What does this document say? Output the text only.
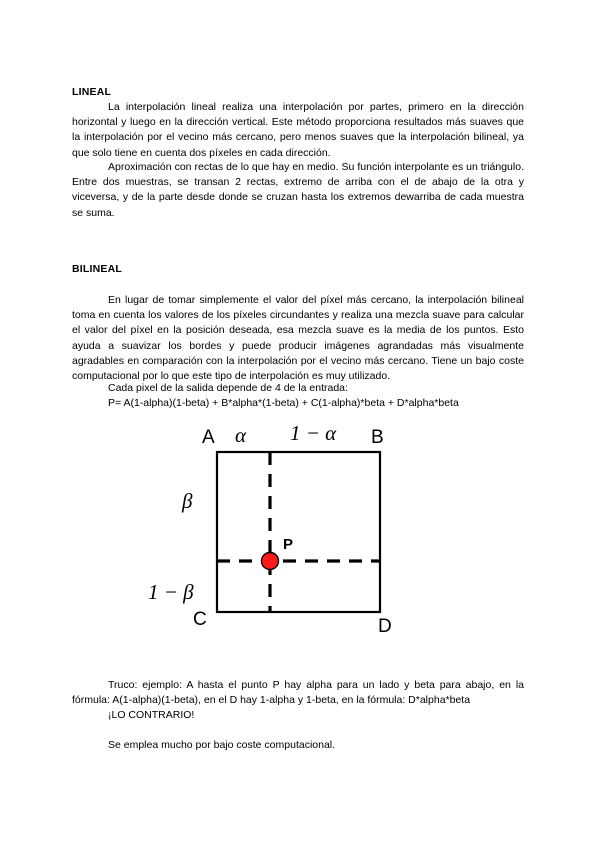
LINEAL
La interpolación lineal realiza una interpolación por partes, primero en la dirección horizontal y luego en la dirección vertical. Este método proporciona resultados más suaves que la interpolación por el vecino más cercano, pero menos suaves que la interpolación bilineal, ya que solo tiene en cuenta dos píxeles en cada dirección.
Aproximación con rectas de lo que hay en medio. Su función interpolante es un triángulo. Entre dos muestras, se transan 2 rectas, extremo de arriba con el de abajo de la otra y viceversa, y de la parte desde donde se cruzan hasta los extremos dewarriba de cada muestra se suma.
BILINEAL
En lugar de tomar simplemente el valor del píxel más cercano, la interpolación bilineal toma en cuenta los valores de los píxeles circundantes y realiza una mezcla suave para calcular el valor del píxel en la posición deseada, esa mezcla suave es la media de los puntos. Esto ayuda a suavizar los bordes y puede producir imágenes agrandadas más visualmente agradables en comparación con la interpolación por el vecino más cercano. Tiene un bajo coste computacional por lo que este tipo de interpolación es muy utilizado.
Cada pixel de la salida depende de 4 de la entrada:
P= A(1-alpha)(1-beta) + B*alpha*(1-beta) + C(1-alpha)*beta + D*alpha*beta
A	B
C	D
P
α 1 − α
β
1 − β
Truco: ejemplo: A hasta el punto P hay alpha para un lado y beta para abajo, en la fórmula: A(1-alpha)(1-beta), en el D hay 1-alpha y 1-beta, en la fórmula: D*alpha*beta
¡LO CONTRARIO!
Se emplea mucho por bajo coste computacional.
